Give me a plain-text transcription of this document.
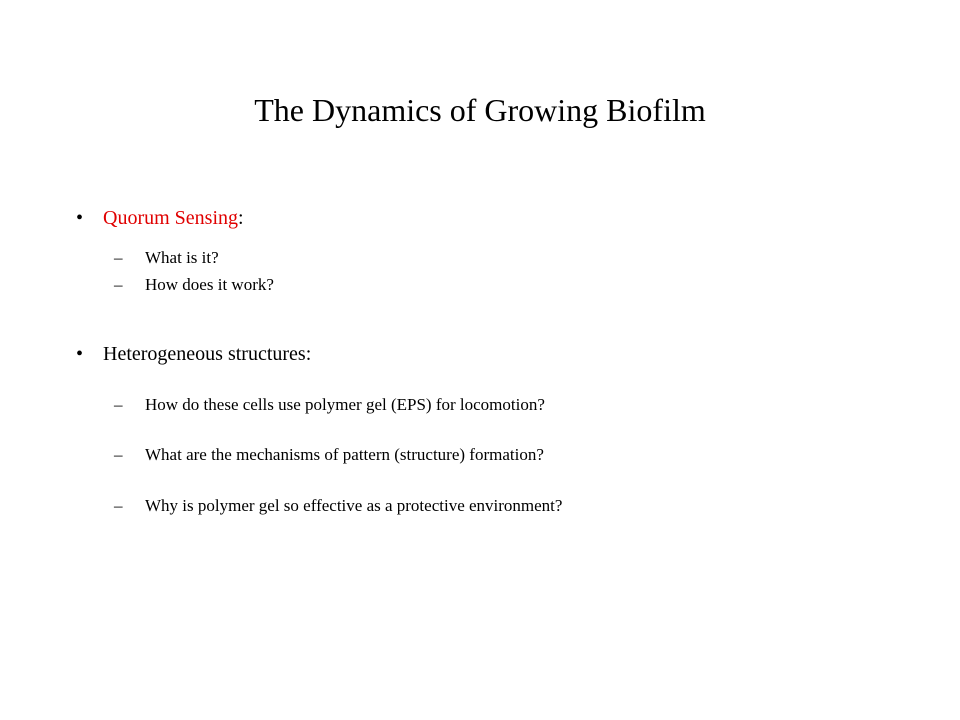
The Dynamics of Growing Biofilm
• Quorum Sensing:
– What is it?
– How does it work?
• Heterogeneous structures:
– How do these cells use polymer gel (EPS) for locomotion?
– What are the mechanisms of pattern (structure) formation?
– Why is polymer gel so effective as a protective environment?
